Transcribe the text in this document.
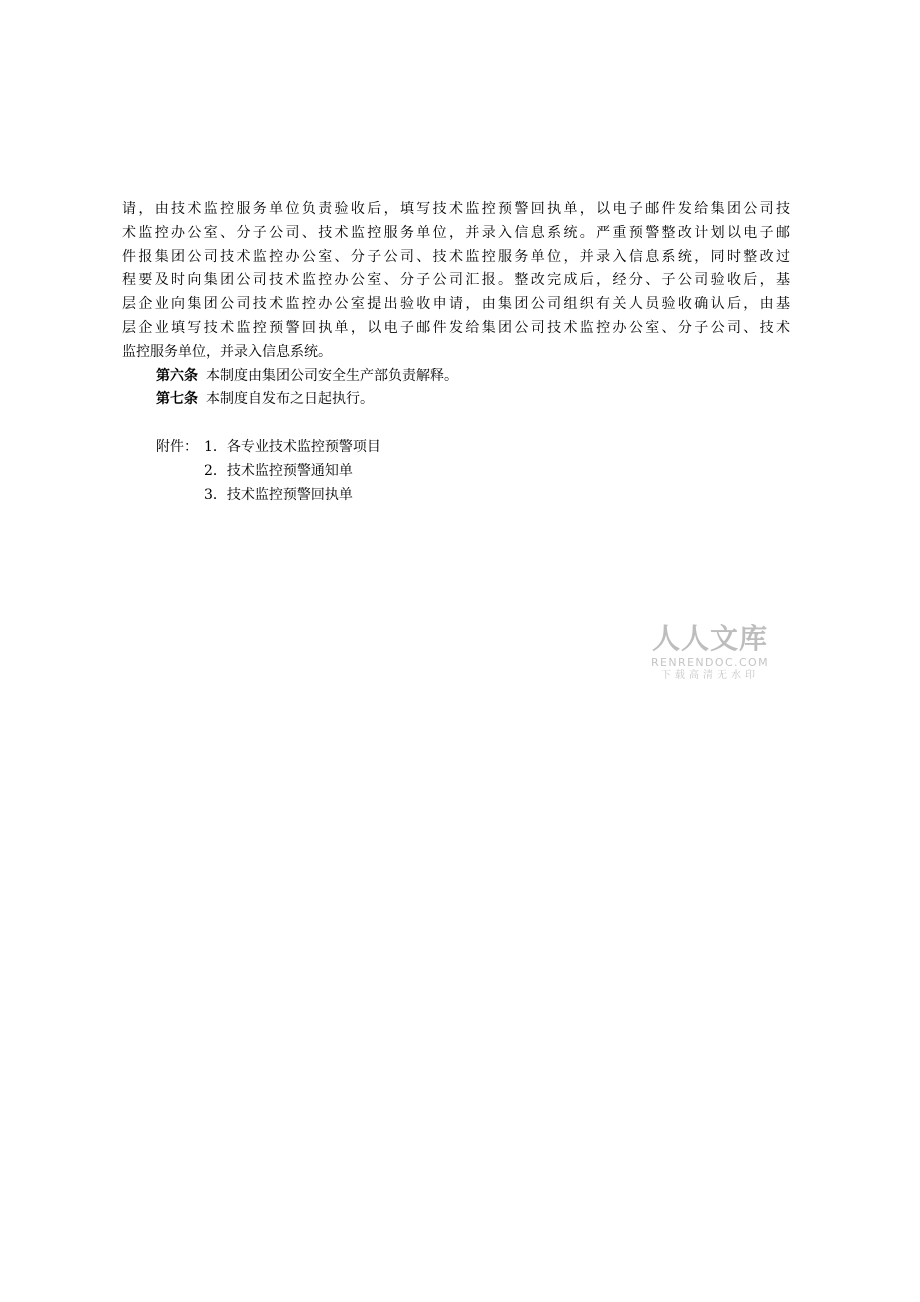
请，由技术监控服务单位负责验收后，填写技术监控预警回执单，以电子邮件发给集团公司技
术监控办公室、分子公司、技术监控服务单位，并录入信息系统。严重预警整改计划以电子邮
件报集团公司技术监控办公室、分子公司、技术监控服务单位，并录入信息系统，同时整改过
程要及时向集团公司技术监控办公室、分子公司汇报。整改完成后，经分、子公司验收后，基
层企业向集团公司技术监控办公室提出验收申请，由集团公司组织有关人员验收确认后，由基
层企业填写技术监控预警回执单，以电子邮件发给集团公司技术监控办公室、分子公司、技术
监控服务单位，并录入信息系统。
第六条 本制度由集团公司安全生产部负责解释。
第七条 本制度自发布之日起执行。
附件： 1．各专业技术监控预警项目
2．技术监控预警通知单
3．技术监控预警回执单
人人文库
RENRENDOC.COM
下载高清无水印
